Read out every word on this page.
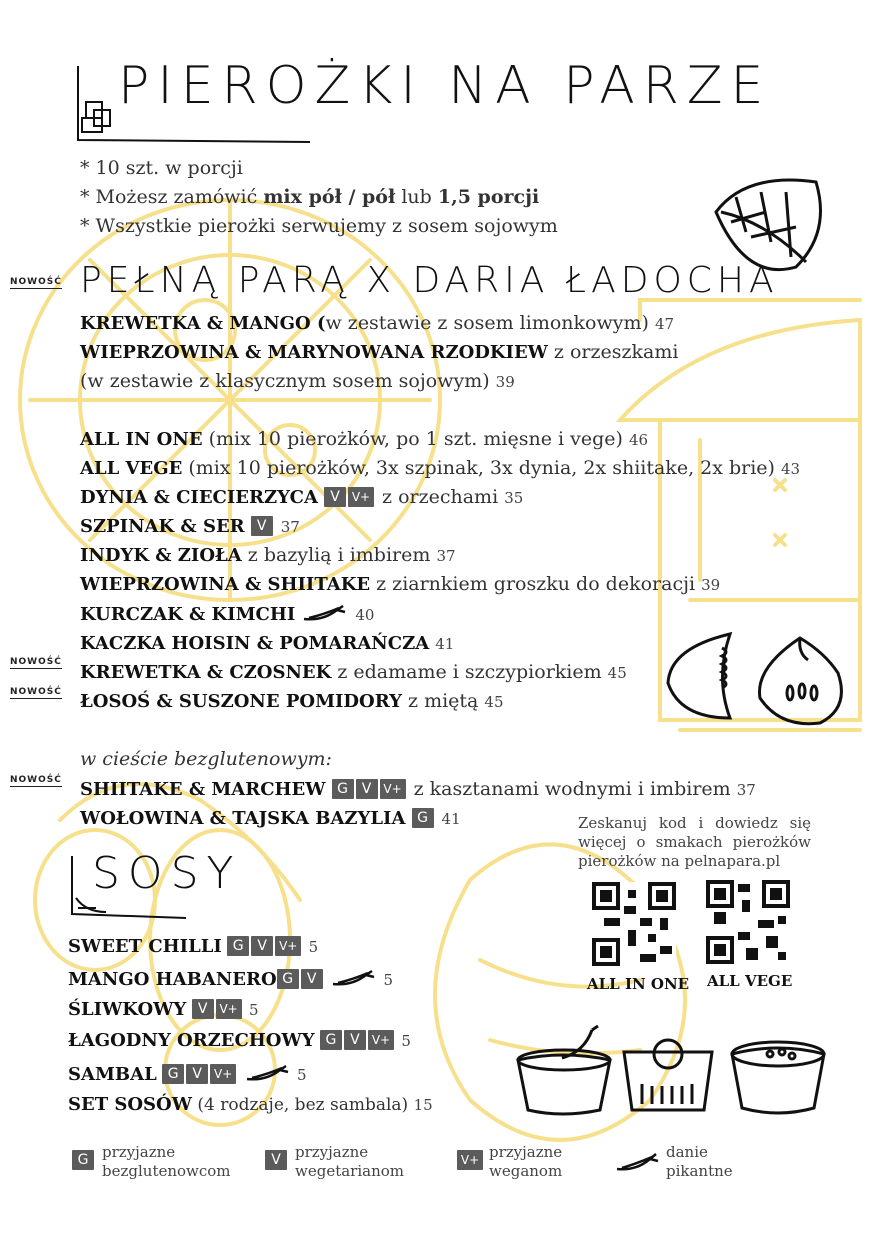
PIEROŻKI NA PARZE
* 10 szt. w porcji
* Możesz zamówić mix pół / pół lub 1,5 porcji
* Wszystkie pierożki serwujemy z sosem sojowym
NOWOŚĆ PEŁNĄ PARĄ X DARIA ŁADOCHA
KREWETKA & MANGO (w zestawie z sosem limonkowym) 47
WIEPRZOWINA & MARYNOWANA RZODKIEW z orzeszkami
(w zestawie z klasycznym sosem sojowym) 39
ALL IN ONE (mix 10 pierożków, po 1 szt. mięsne i vege) 46
ALL VEGE (mix 10 pierożków, 3x szpinak, 3x dynia, 2x shiitake, 2x brie) 43
DYNIA & CIECIERZYCA V V+ z orzechami 35
SZPINAK & SER V 37
INDYK & ZIOŁA z bazylią i imbirem 37
WIEPRZOWINA & SHIITAKE z ziarnkiem groszku do dekoracji 39
KURCZAK & KIMCHI	40
KACZKA HOISIN & POMARAŃCZA 41
NOWOŚĆ KREWETKA & CZOSNEK z edamame i szczypiorkiem 45
NOWOŚĆ ŁOSOŚ & SUSZONE POMIDORY z miętą 45
w cieście bezglutenowym:
NOWOŚĆ SHIITAKE & MARCHEW G V V+ z kasztanami wodnymi i imbirem 37
WOŁOWINA & TAJSKA BAZYLIA G 41	Zeskanuj kod i dowiedz się więcej o smakach pierożków pierożków na pelnapara.pl
ALL IN ONE ALL VEGE
SOSY
SWEET CHILLI G V V+ 5
MANGO HABANERO G V	5
ŚLIWKOWY V V+ 5
ŁAGODNY ORZECHOWY G V V+ 5
SAMBAL G V V+	5
SET SOSÓW (4 rodzaje, bez sambala) 15
G przyjazne
bezglutenowcom
V przyjazne
wegetarianom
V+ przyjazne
weganom
danie
pikantne
